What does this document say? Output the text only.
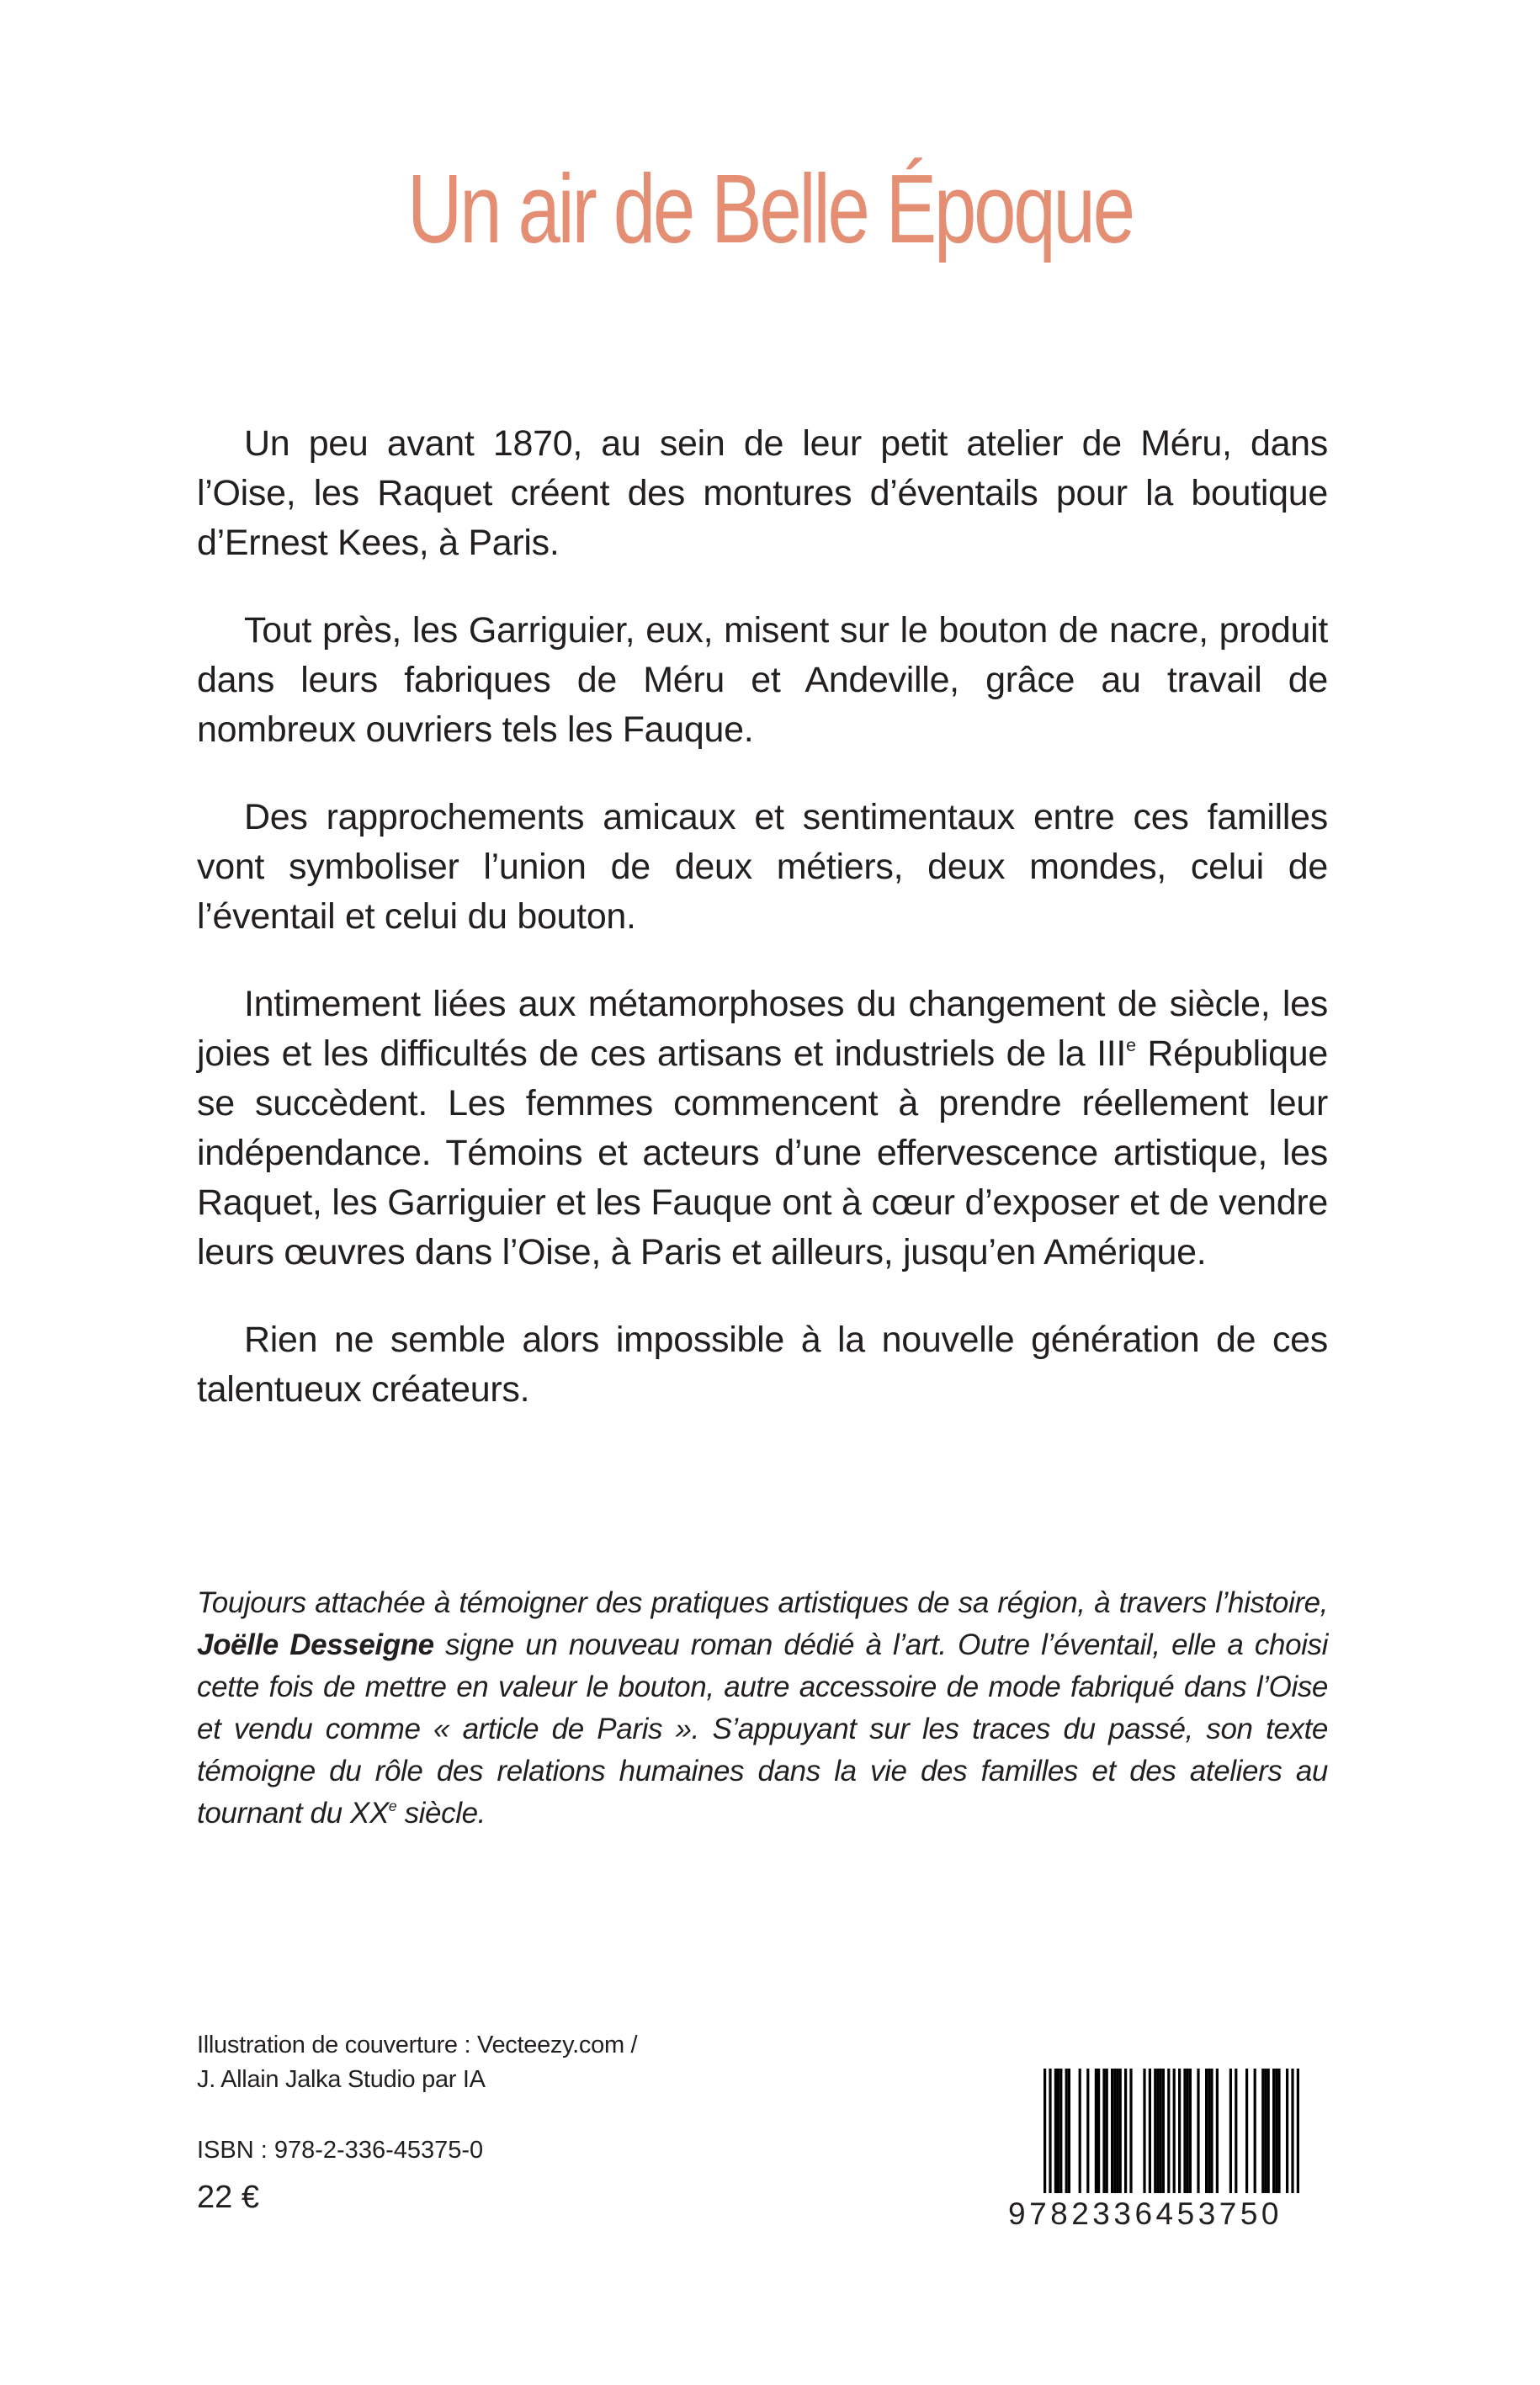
Un air de Belle Époque

Un peu avant 1870, au sein de leur petit atelier de Méru, dans l’Oise, les Raquet créent des montures d’éventails pour la boutique d’Ernest Kees, à Paris.

Tout près, les Garriguier, eux, misent sur le bouton de nacre, produit dans leurs fabriques de Méru et Andeville, grâce au travail de nombreux ouvriers tels les Fauque.

Des rapprochements amicaux et sentimentaux entre ces familles vont symboliser l’union de deux métiers, deux mondes, celui de l’éventail et celui du bouton.

Intimement liées aux métamorphoses du changement de siècle, les joies et les difficultés de ces artisans et industriels de la IIIe République se succèdent. Les femmes commencent à prendre réellement leur indépendance. Témoins et acteurs d’une effervescence artistique, les Raquet, les Garriguier et les Fauque ont à cœur d’exposer et de vendre leurs œuvres dans l’Oise, à Paris et ailleurs, jusqu’en Amérique.

Rien ne semble alors impossible à la nouvelle génération de ces talentueux créateurs.

Toujours attachée à témoigner des pratiques artistiques de sa région, à travers l’histoire, Joëlle Desseigne signe un nouveau roman dédié à l’art. Outre l’éventail, elle a choisi cette fois de mettre en valeur le bouton, autre accessoire de mode fabriqué dans l’Oise et vendu comme « article de Paris ». S’appuyant sur les traces du passé, son texte témoigne du rôle des relations humaines dans la vie des familles et des ateliers au tournant du XXe siècle.

Illustration de couverture : Vecteezy.com /
J. Allain Jalka Studio par IA
ISBN : 978-2-336-45375-0
22 €	9782336453750
